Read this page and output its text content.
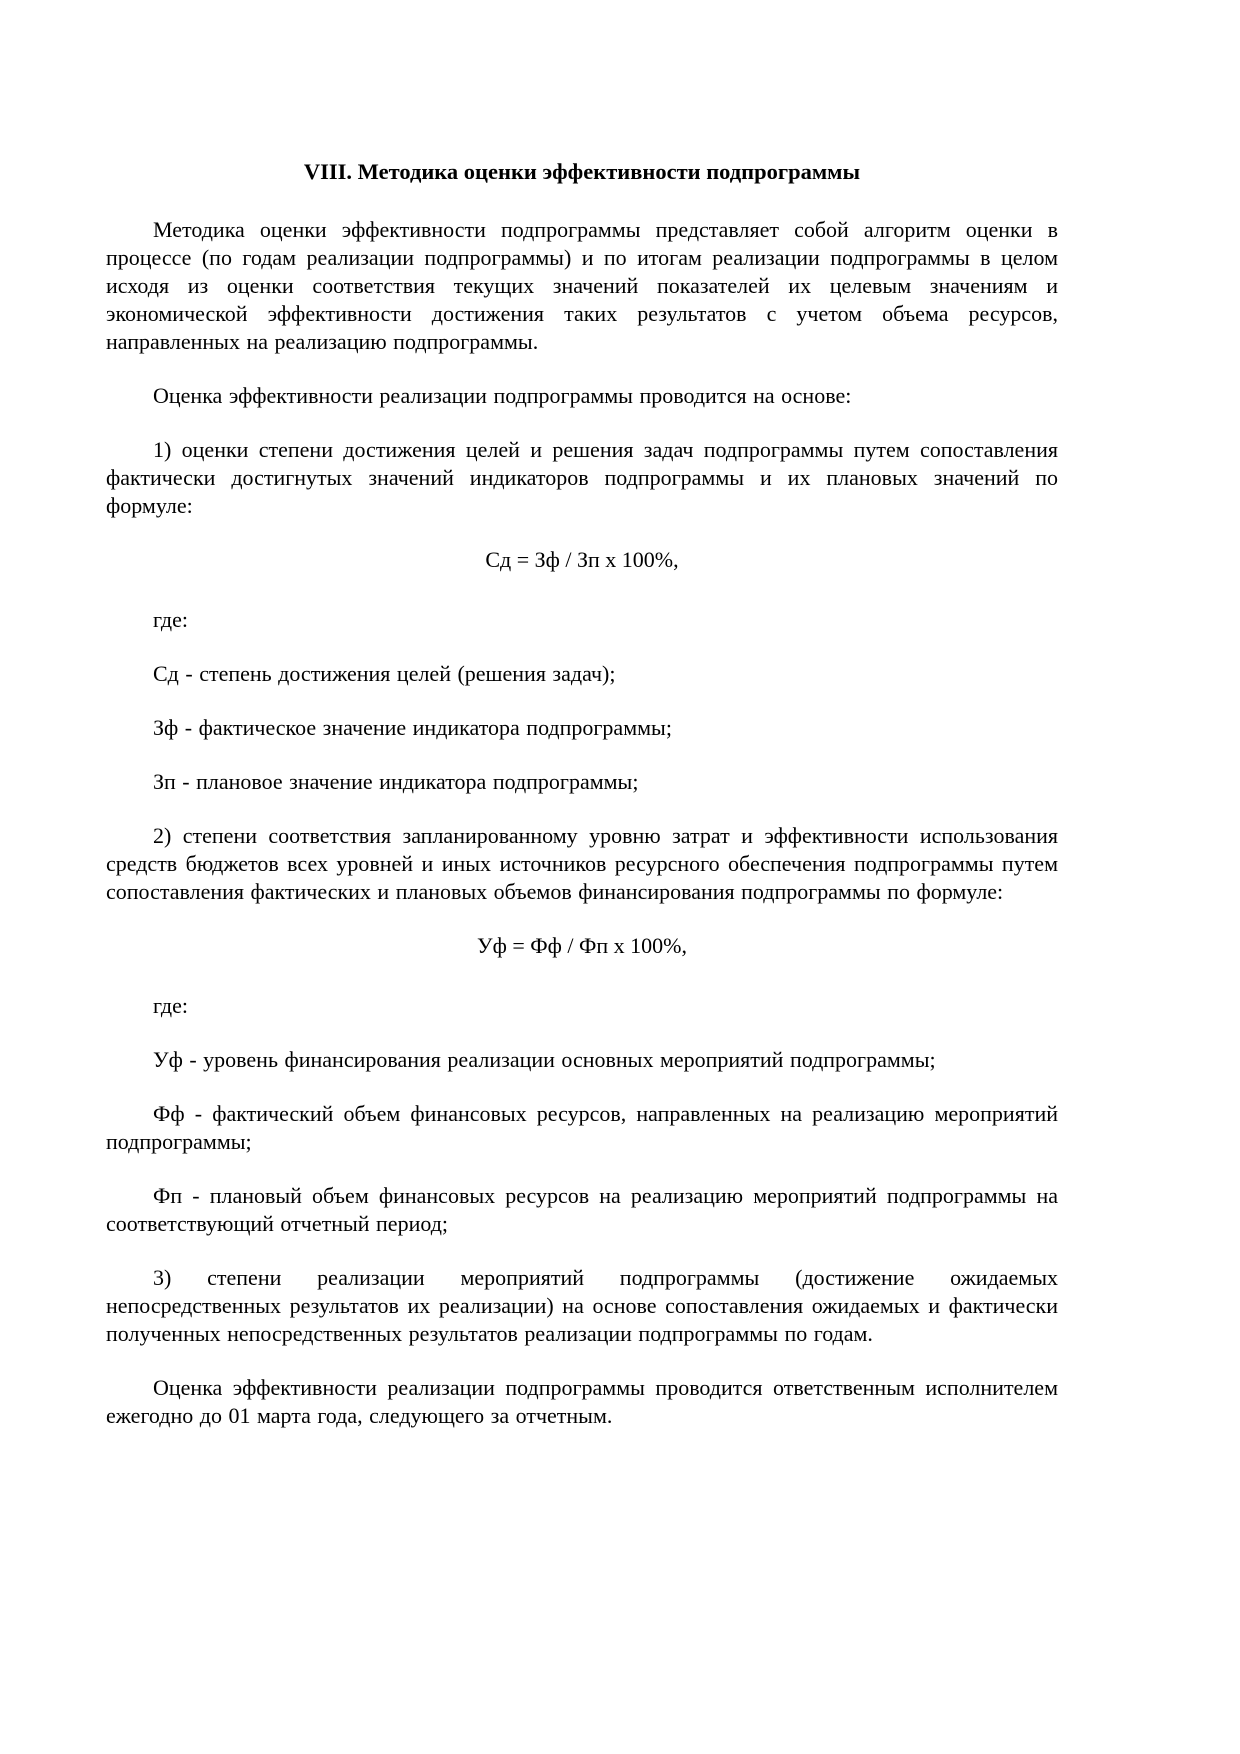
VIII. Методика оценки эффективности подпрограммы

Методика оценки эффективности подпрограммы представляет собой алгоритм оценки в процессе (по годам реализации подпрограммы) и по итогам реализации подпрограммы в целом исходя из оценки соответствия текущих значений показателей их целевым значениям и экономической эффективности достижения таких результатов с учетом объема ресурсов, направленных на реализацию подпрограммы.

Оценка эффективности реализации подпрограммы проводится на основе:

1) оценки степени достижения целей и решения задач подпрограммы путем сопоставления фактически достигнутых значений индикаторов подпрограммы и их плановых значений по формуле:

Сд = Зф / Зп х 100%,

где:

Сд - степень достижения целей (решения задач);

Зф - фактическое значение индикатора подпрограммы;

Зп - плановое значение индикатора подпрограммы;

2) степени соответствия запланированному уровню затрат и эффективности использования средств бюджетов всех уровней и иных источников ресурсного обеспечения подпрограммы путем сопоставления фактических и плановых объемов финансирования подпрограммы по формуле:

Уф = Фф / Фп х 100%,

где:

Уф - уровень финансирования реализации основных мероприятий подпрограммы;

Фф - фактический объем финансовых ресурсов, направленных на реализацию мероприятий подпрограммы;

Фп - плановый объем финансовых ресурсов на реализацию мероприятий подпрограммы на соответствующий отчетный период;

3) степени реализации мероприятий подпрограммы (достижение ожидаемых непосредственных результатов их реализации) на основе сопоставления ожидаемых и фактически полученных непосредственных результатов реализации подпрограммы по годам.

Оценка эффективности реализации подпрограммы проводится ответственным исполнителем ежегодно до 01 марта года, следующего за отчетным.
